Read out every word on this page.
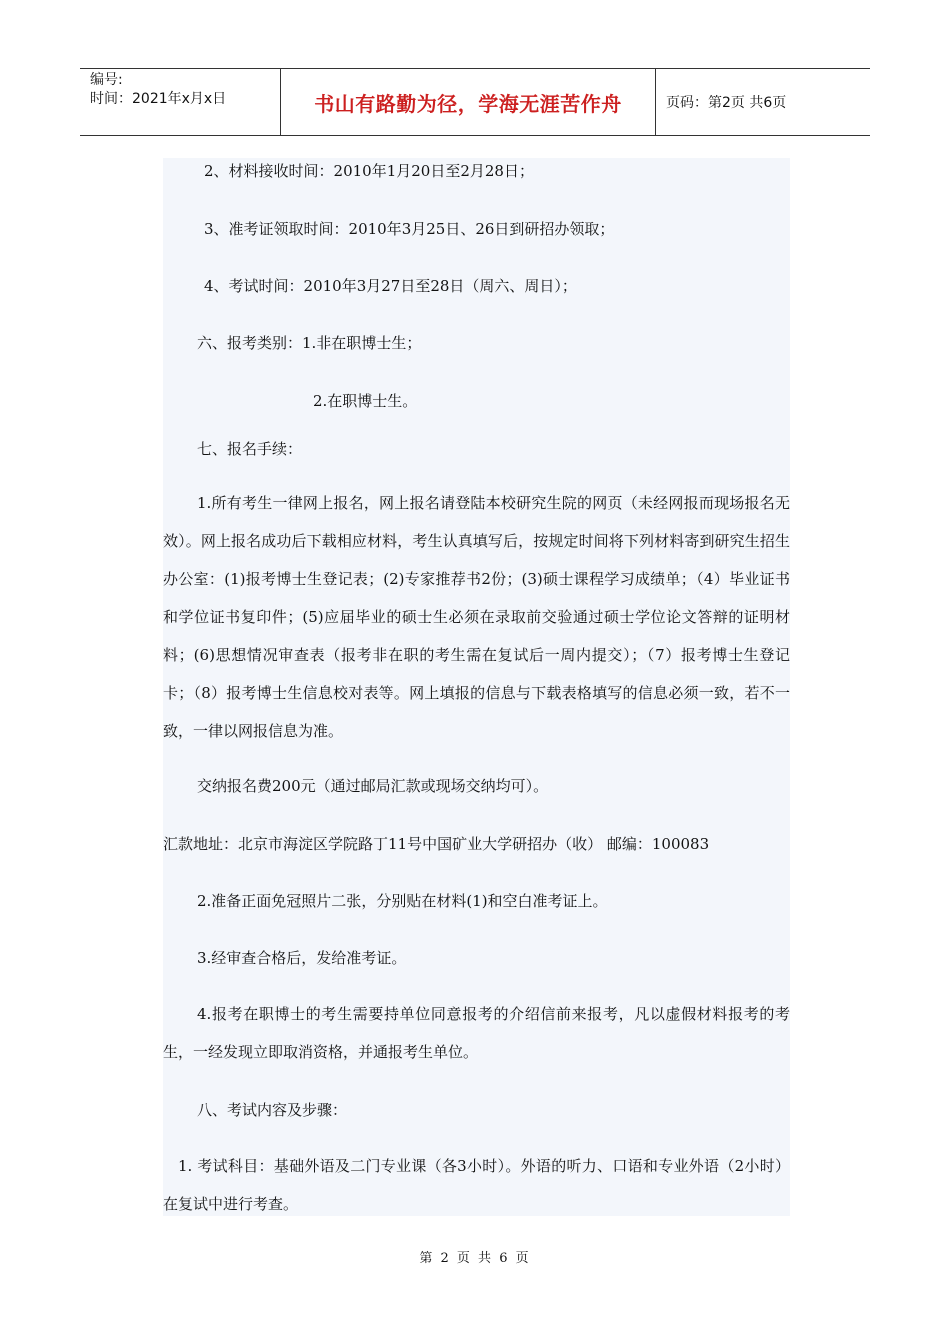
编号:
时间：2021年x月x日	书山有路勤为径，学海无涯苦作舟	页码：第2页 共6页
2、材料接收时间：2010年1月20日至2月28日；
3、准考证领取时间：2010年3月25日、26日到研招办领取；
4、考试时间：2010年3月27日至28日（周六、周日）；
六、报考类别：1.非在职博士生；
2.在职博士生。
七、报名手续：
1.所有考生一律网上报名，网上报名请登陆本校研究生院的网页（未经网报而现场报名无效）。网上报名成功后下载相应材料，考生认真填写后，按规定时间将下列材料寄到研究生招生办公室：(1)报考博士生登记表；(2)专家推荐书2份；(3)硕士课程学习成绩单；（4）毕业证书和学位证书复印件；(5)应届毕业的硕士生必须在录取前交验通过硕士学位论文答辩的证明材料；(6)思想情况审查表（报考非在职的考生需在复试后一周内提交）；（7）报考博士生登记卡；（8）报考博士生信息校对表等。网上填报的信息与下载表格填写的信息必须一致，若不一致，一律以网报信息为准。
交纳报名费200元（通过邮局汇款或现场交纳均可）。
汇款地址：北京市海淀区学院路丁11号中国矿业大学研招办（收） 邮编：100083
2.准备正面免冠照片二张，分别贴在材料(1)和空白准考证上。
3.经审查合格后，发给准考证。
4.报考在职博士的考生需要持单位同意报考的介绍信前来报考，凡以虚假材料报考的考生，一经发现立即取消资格，并通报考生单位。
八、考试内容及步骤：
1. 考试科目：基础外语及二门专业课（各3小时）。外语的听力、口语和专业外语（2小时）在复试中进行考查。
第 2 页 共 6 页
